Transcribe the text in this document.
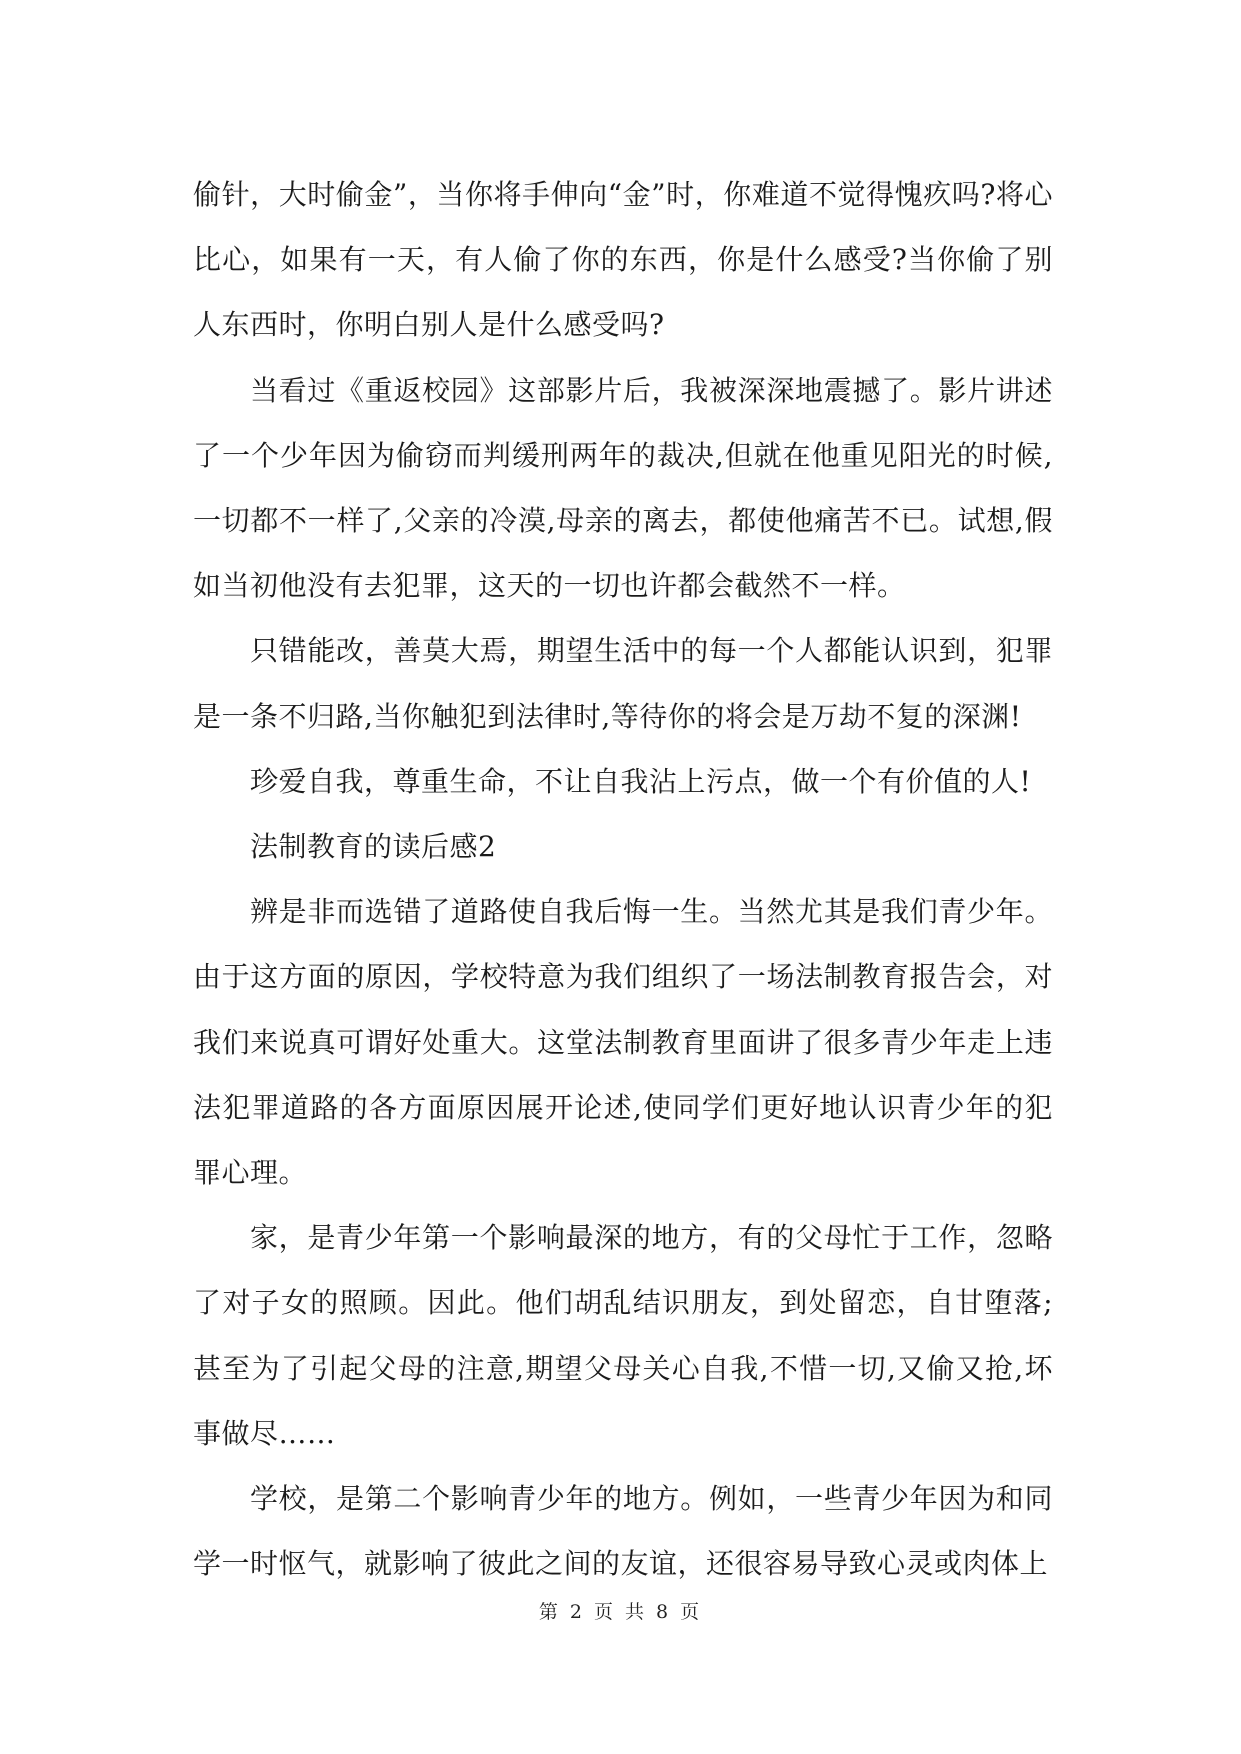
偷针，大时偷金”，当你将手伸向“金”时，你难道不觉得愧疚吗?将心比心，如果有一天，有人偷了你的东西，你是什么感受?当你偷了别人东西时，你明白别人是什么感受吗?

当看过《重返校园》这部影片后，我被深深地震撼了。影片讲述了一个少年因为偷窃而判缓刑两年的裁决,但就在他重见阳光的时候,一切都不一样了,父亲的冷漠,母亲的离去，都使他痛苦不已。试想,假如当初他没有去犯罪，这天的一切也许都会截然不一样。

只错能改，善莫大焉，期望生活中的每一个人都能认识到，犯罪是一条不归路,当你触犯到法律时,等待你的将会是万劫不复的深渊!

珍爱自我，尊重生命，不让自我沾上污点，做一个有价值的人!

法制教育的读后感2

辨是非而选错了道路使自我后悔一生。当然尤其是我们青少年。由于这方面的原因，学校特意为我们组织了一场法制教育报告会，对我们来说真可谓好处重大。这堂法制教育里面讲了很多青少年走上违法犯罪道路的各方面原因展开论述,使同学们更好地认识青少年的犯罪心理。

家，是青少年第一个影响最深的地方，有的父母忙于工作，忽略了对子女的照顾。因此。他们胡乱结识朋友，到处留恋，自甘堕落;甚至为了引起父母的注意,期望父母关心自我,不惜一切,又偷又抢,坏事做尽……

学校，是第二个影响青少年的地方。例如，一些青少年因为和同学一时怄气，就影响了彼此之间的友谊，还很容易导致心灵或肉体上

第 2 页 共 8 页
